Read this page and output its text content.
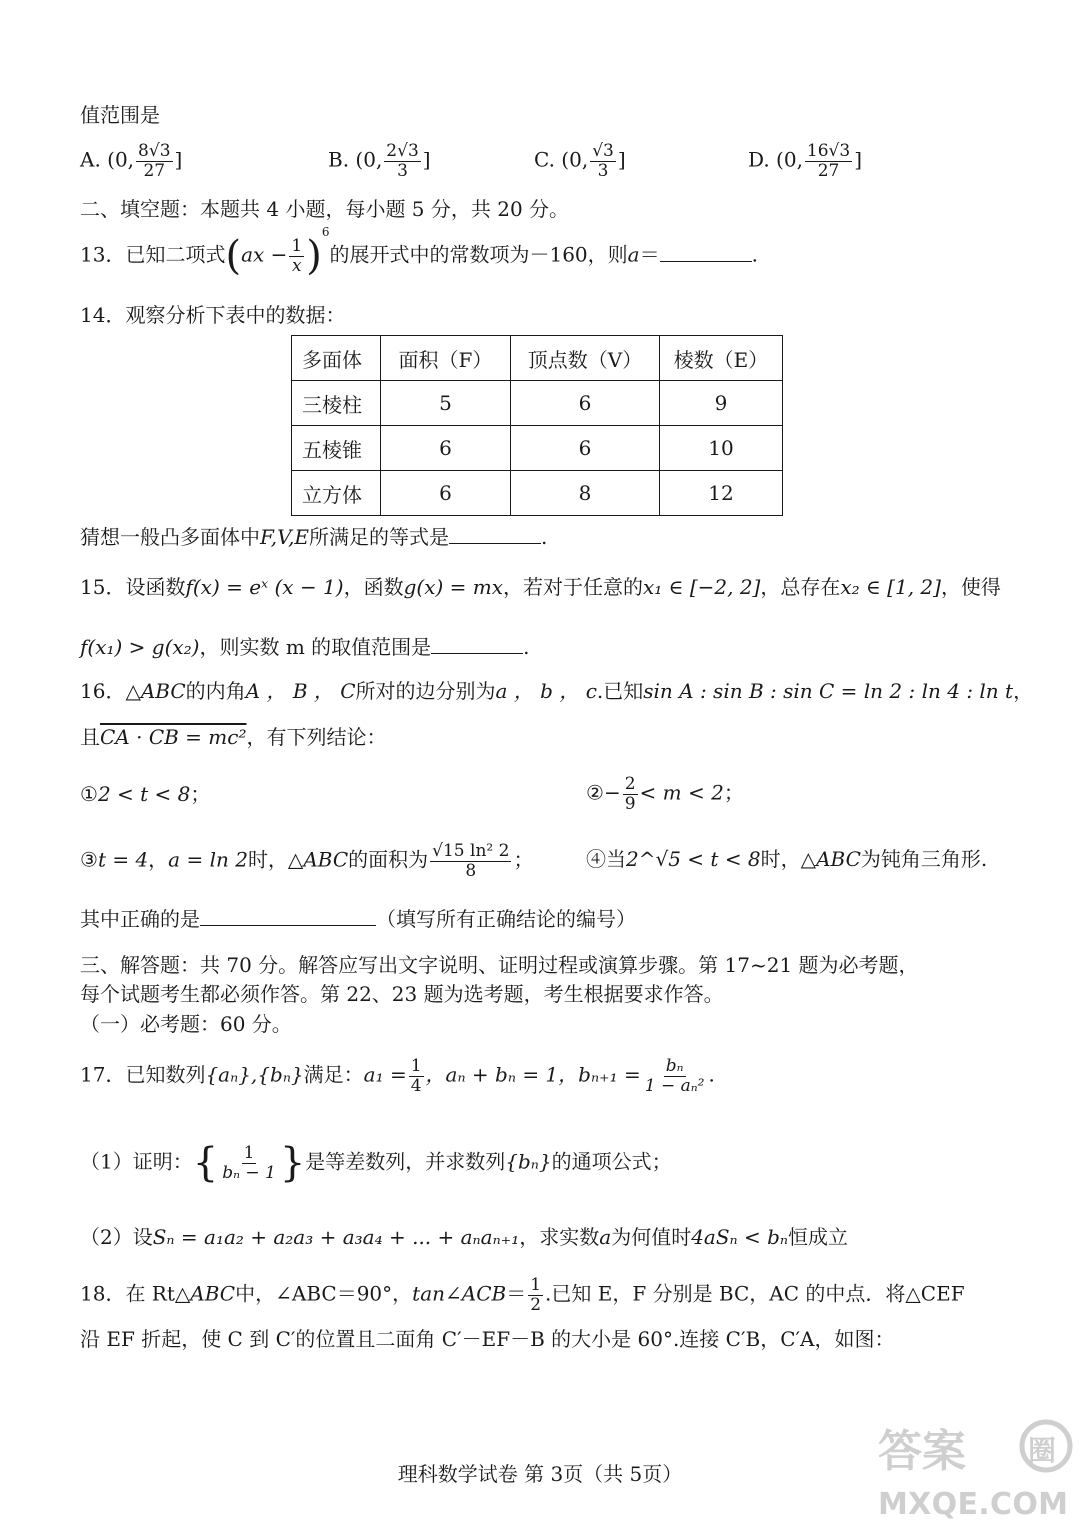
值范围是
A. (0, $\frac{8√3}{27}$ ]	B. (0, $\frac{2√3}{3}$ ]	C. (0, $\frac{√3}{3}$ ]	D. (0, $\frac{16√3}{27}$ ]
二、填空题：本题共 4 小题，每小题 5 分，共 20 分。
13．已知二项式$(ax - \frac{1}{x} )^6$的展开式中的常数项为－160，则a＝	.
14．观察分析下表中的数据：
多面体	面积（F）	顶点数（V）	棱数（E）
三棱柱	5	6	9
五棱锥	6	6	10
立方体	6	8	12
猜想一般凸多面体中F,V,E所满足的等式是	.
15．设函数f(x) = eˣ (x − 1)，函数g(x) = mx，若对于任意的x₁ ∈ [−2, 2]，总存在x₂ ∈ [1, 2]，使得
f(x₁) > g(x₂)，则实数 m 的取值范围是	.
16．△ABC的内角A ， B ， C所对的边分别为a ， b ， c.已知sin A : sin B : sin C = ln 2 : ln 4 : ln t，
且CA · CB = mc²，有下列结论：
①2 < t < 8；	②− $\frac{2}{9} < m < 2$；
③t = 4，a = ln 2时，△ABC的面积为 $\frac{\text{√15 ln² 2}}{8}$ ；	④当2^√5 < t < 8时，△ABC为钝角三角形.
其中正确的是	（填写所有正确结论的编号）
三、解答题：共 70 分。解答应写出文字说明、证明过程或演算步骤。第 17~21 题为必考题，
每个试题考生都必须作答。第 22、23 题为选考题，考生根据要求作答。
（一）必考题：60 分。
17．已知数列{aₙ},{bₙ}满足：$a_1 = \frac{1}{4}$ ，aₙ + bₙ = 1，$b_{n+1} = \frac{\text{bₙ}}{\text{1 − aₙ²}}$ .
（1）证明：{ $\frac{1}{\text{bₙ − 1}}$ }是等差数列，并求数列{bₙ}的通项公式；
（2）设Sₙ = a₁a₂ + a₂a₃ + a₃a₄ + ... + aₙaₙ₊₁，求实数a为何值时4aSₙ < bₙ恒成立
18．在 Rt△ABC中，∠ABC＝90°，tan∠ACB＝ $\frac{1}{2}$ .已知 E，F 分别是 BC，AC 的中点．将△CEF
沿 EF 折起，使 C 到 C′的位置且二面角 C′－EF－B 的大小是 60°.连接 C′B，C′A，如图：
理科数学试卷 第 3页（共 5页）	答案 圈
MXQE.COM
